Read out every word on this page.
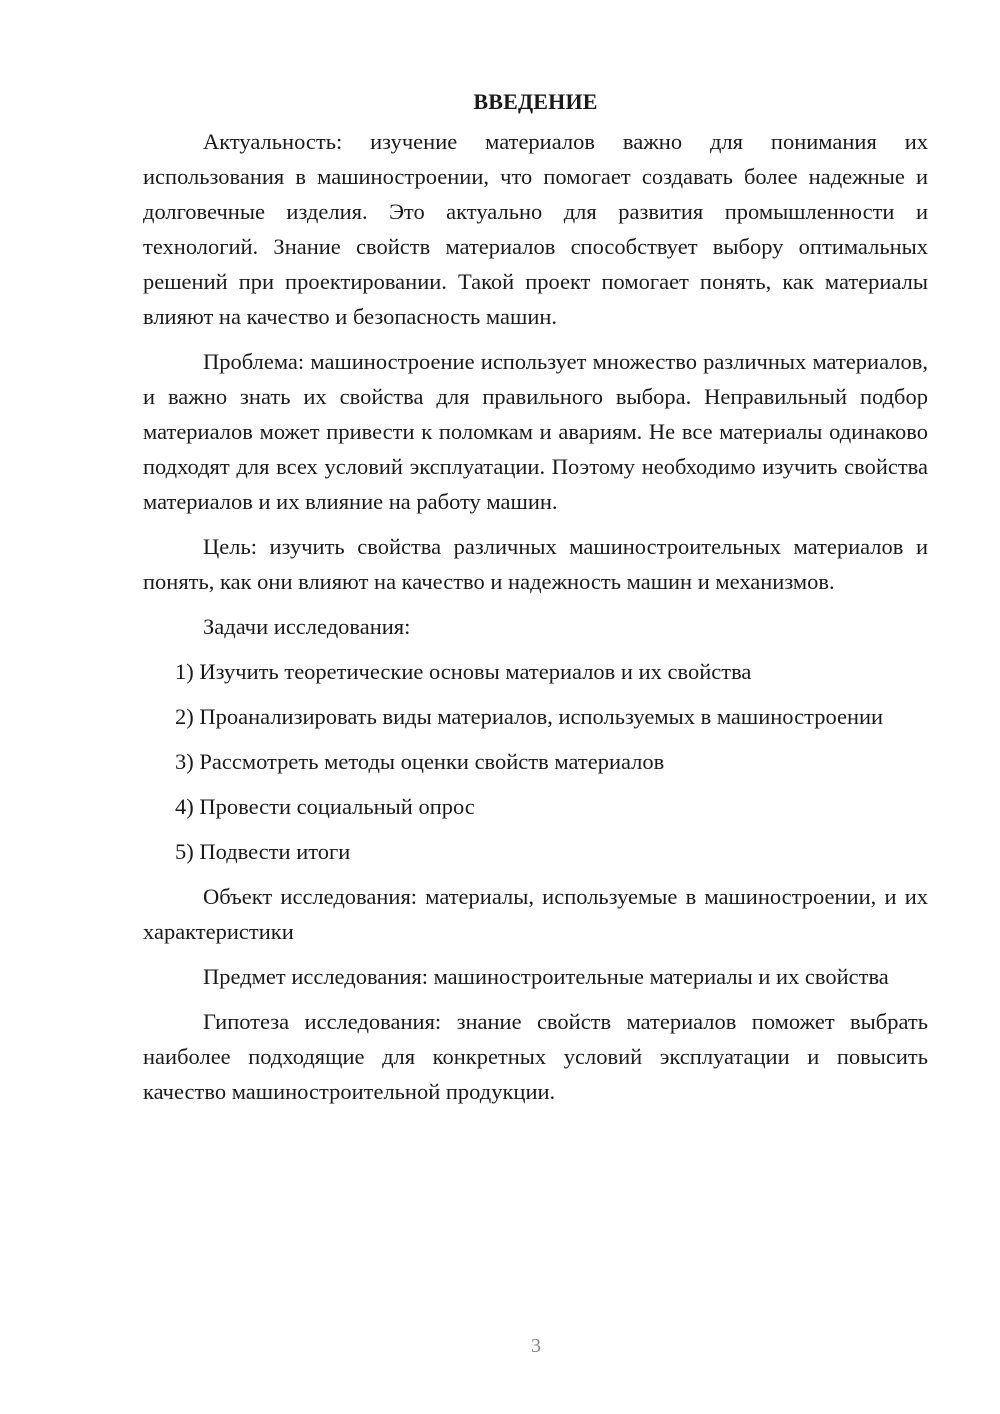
ВВЕДЕНИЕ

Актуальность: изучение материалов важно для понимания их использования в машиностроении, что помогает создавать более надежные и долговечные изделия. Это актуально для развития промышленности и технологий. Знание свойств материалов способствует выбору оптимальных решений при проектировании. Такой проект помогает понять, как материалы влияют на качество и безопасность машин.

Проблема: машиностроение использует множество различных материалов, и важно знать их свойства для правильного выбора. Неправильный подбор материалов может привести к поломкам и авариям. Не все материалы одинаково подходят для всех условий эксплуатации. Поэтому необходимо изучить свойства материалов и их влияние на работу машин.

Цель: изучить свойства различных машиностроительных материалов и понять, как они влияют на качество и надежность машин и механизмов.

Задачи исследования:

1) Изучить теоретические основы материалов и их свойства

2) Проанализировать виды материалов, используемых в машиностроении

3) Рассмотреть методы оценки свойств материалов

4) Провести социальный опрос

5) Подвести итоги

Объект исследования: материалы, используемые в машиностроении, и их характеристики

Предмет исследования: машиностроительные материалы и их свойства

Гипотеза исследования: знание свойств материалов поможет выбрать наиболее подходящие для конкретных условий эксплуатации и повысить качество машиностроительной продукции.

3
